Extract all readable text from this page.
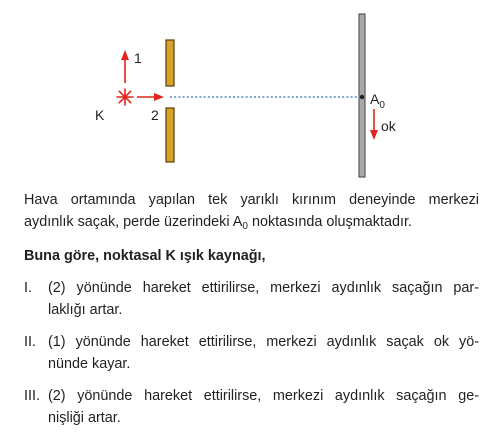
K
1
2
$A_0$
ok

Hava ortamında yapılan tek yarıklı kırınım deneyinde merkezi
aydınlık saçak, perde üzerindeki $A_0$ noktasında oluşmaktadır.

Buna göre, noktasal K ışık kaynağı,

I.	(2) yönünde hareket ettirilirse, merkezi aydınlık saçağın par-
laklığı artar.
II. (1) yönünde hareket ettirilirse, merkezi aydınlık saçak ok yö-
nünde kayar.
III. (2) yönünde hareket ettirilirse, merkezi aydınlık saçağın ge-
nişliği artar.
